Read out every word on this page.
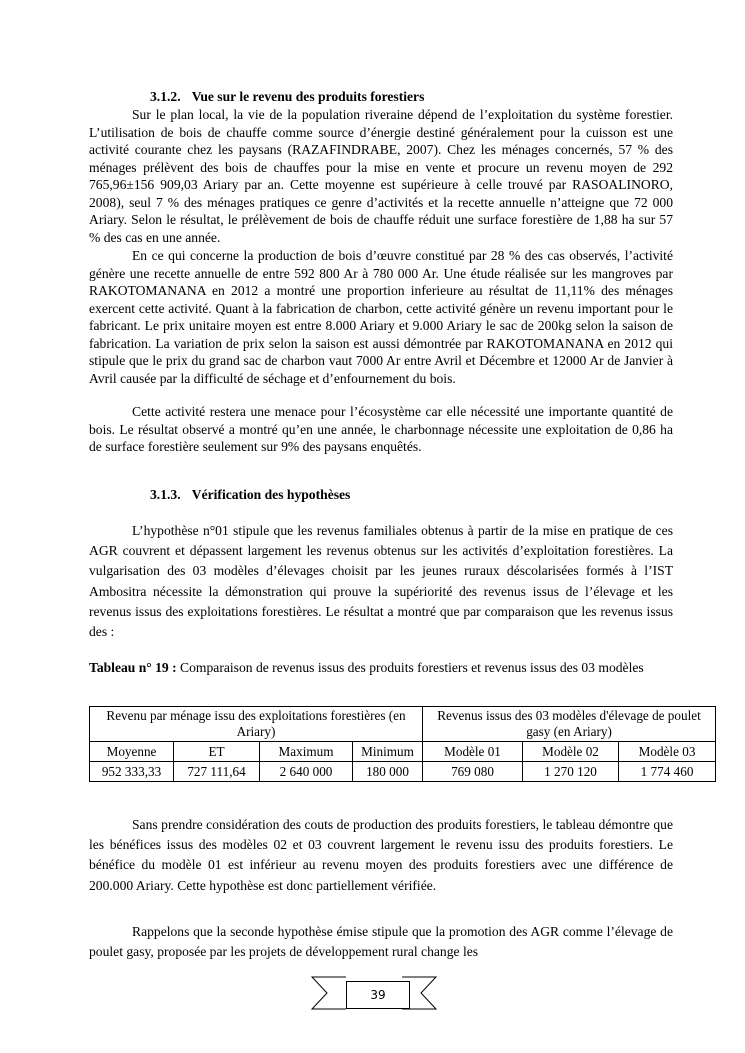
3.1.2. Vue sur le revenu des produits forestiers

Sur le plan local, la vie de la population riveraine dépend de l’exploitation du système forestier. L’utilisation de bois de chauffe comme source d’énergie destiné généralement pour la cuisson est une activité courante chez les paysans (RAZAFINDRABE, 2007). Chez les ménages concernés, 57 % des ménages prélèvent des bois de chauffes pour la mise en vente et procure un revenu moyen de 292 765,96±156 909,03 Ariary par an. Cette moyenne est supérieure à celle trouvé par RASOALINORO, 2008), seul 7 % des ménages pratiques ce genre d’activités et la recette annuelle n’atteigne que 72 000 Ariary. Selon le résultat, le prélèvement de bois de chauffe réduit une surface forestière de 1,88 ha sur 57 % des cas en une année.

En ce qui concerne la production de bois d’œuvre constitué par 28 % des cas observés, l’activité génère une recette annuelle de entre 592 800 Ar à 780 000 Ar. Une étude réalisée sur les mangroves par RAKOTOMANANA en 2012 a montré une proportion inferieure au résultat de 11,11% des ménages exercent cette activité. Quant à la fabrication de charbon, cette activité génère un revenu important pour le fabricant. Le prix unitaire moyen est entre 8.000 Ariary et 9.000 Ariary le sac de 200kg selon la saison de fabrication. La variation de prix selon la saison est aussi démontrée par RAKOTOMANANA en 2012 qui stipule que le prix du grand sac de charbon vaut 7000 Ar entre Avril et Décembre et 12000 Ar de Janvier à Avril causée par la difficulté de séchage et d’enfournement du bois.

Cette activité restera une menace pour l’écosystème car elle nécessité une importante quantité de bois. Le résultat observé a montré qu’en une année, le charbonnage nécessite une exploitation de 0,86 ha de surface forestière seulement sur 9% des paysans enquêtés.

3.1.3. Vérification des hypothèses

L’hypothèse n°01 stipule que les revenus familiales obtenus à partir de la mise en pratique de ces AGR couvrent et dépassent largement les revenus obtenus sur les activités d’exploitation forestières. La vulgarisation des 03 modèles d’élevages choisit par les jeunes ruraux déscolarisées formés à l’IST Ambositra nécessite la démonstration qui prouve la supériorité des revenus issus de l’élevage et les revenus issus des exploitations forestières. Le résultat a montré que par comparaison que les revenus issus des :

Tableau n° 19 : Comparaison de revenus issus des produits forestiers et revenus issus des 03 modèles
Revenu par ménage issu des exploitations forestières (en Ariary)				Revenus issus des 03 modèles d'élevage de poulet gasy (en Ariary)		
Moyenne	ET	Maximum	Minimum	Modèle 01	Modèle 02	Modèle 03
952 333,33	727 111,64	2 640 000	180 000	769 080	1 270 120	1 774 460

Sans prendre considération des couts de production des produits forestiers, le tableau démontre que les bénéfices issus des modèles 02 et 03 couvrent largement le revenu issu des produits forestiers. Le bénéfice du modèle 01 est inférieur au revenu moyen des produits forestiers avec une différence de 200.000 Ariary. Cette hypothèse est donc partiellement vérifiée.

Rappelons que la seconde hypothèse émise stipule que la promotion des AGR comme l’élevage de poulet gasy, proposée par les projets de développement rural change les

39
